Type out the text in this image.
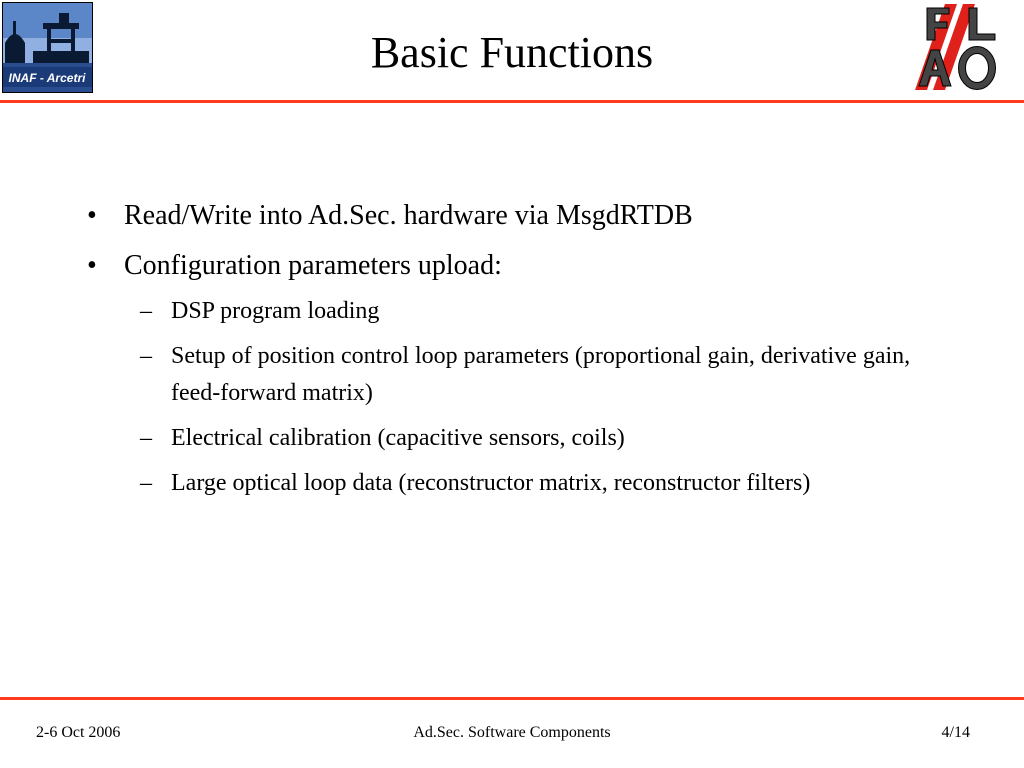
INAF - Arcetri
Basic Functions
• Read/Write into Ad.Sec. hardware via MsgdRTDB
• Configuration parameters upload:
– DSP program loading
– Setup of position control loop parameters (proportional gain, derivative gain, feed-forward matrix)
– Electrical calibration (capacitive sensors, coils)
– Large optical loop data (reconstructor matrix, reconstructor filters)
2-6 Oct 2006	Ad.Sec. Software Components	4/14
